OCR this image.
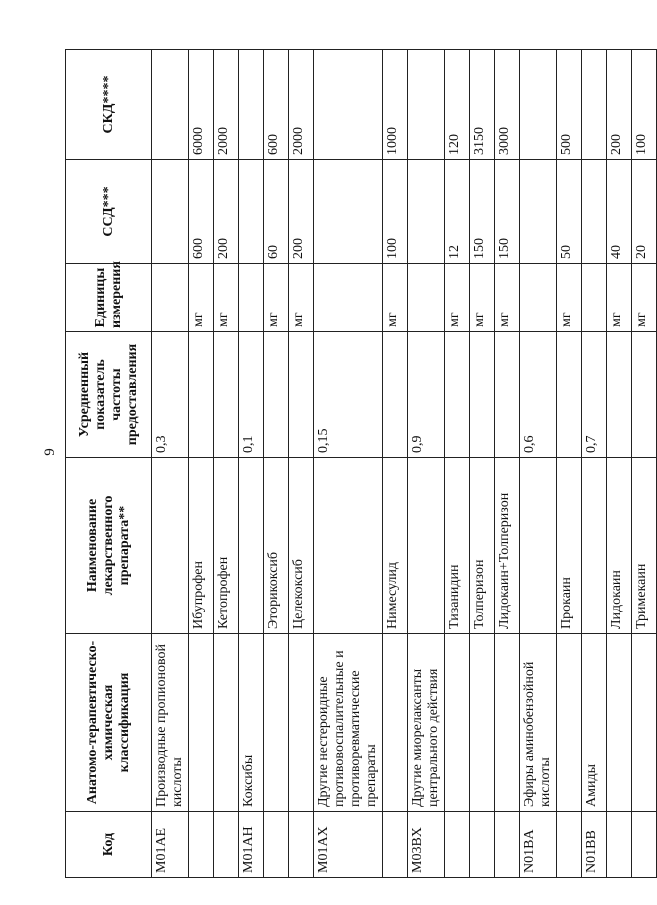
9
Код	Анатомо-терапевтическо-химическая классификация	Наименование лекарственного препарата**	Усредненный показатель частоты предоставления	Единицы измерения	ССД***	СКД****
M01AE	Производные пропионовой кислоты		0,3			
		Ибупрофен		мг	600	6000
		Кетопрофен		мг	200	2000
M01AH	Коксибы		0,1			
		Эторикоксиб		мг	60	600
		Целекоксиб		мг	200	2000
M01AX	Другие нестероидные противовоспалительные и противоревматические препараты		0,15			
		Нимесулид		мг	100	1000
M03BX	Другие миорелаксанты центрального действия		0,9			
		Тизанидин		мг	12	120
		Толперизон		мг	150	3150
		Лидокаин+Толперизон		мг	150	3000
N01BA	Эфиры аминобензойной кислоты		0,6			
		Прокаин		мг	50	500
N01BB	Амиды		0,7			
		Лидокаин		мг	40	200
		Тримекаин		мг	20	100
